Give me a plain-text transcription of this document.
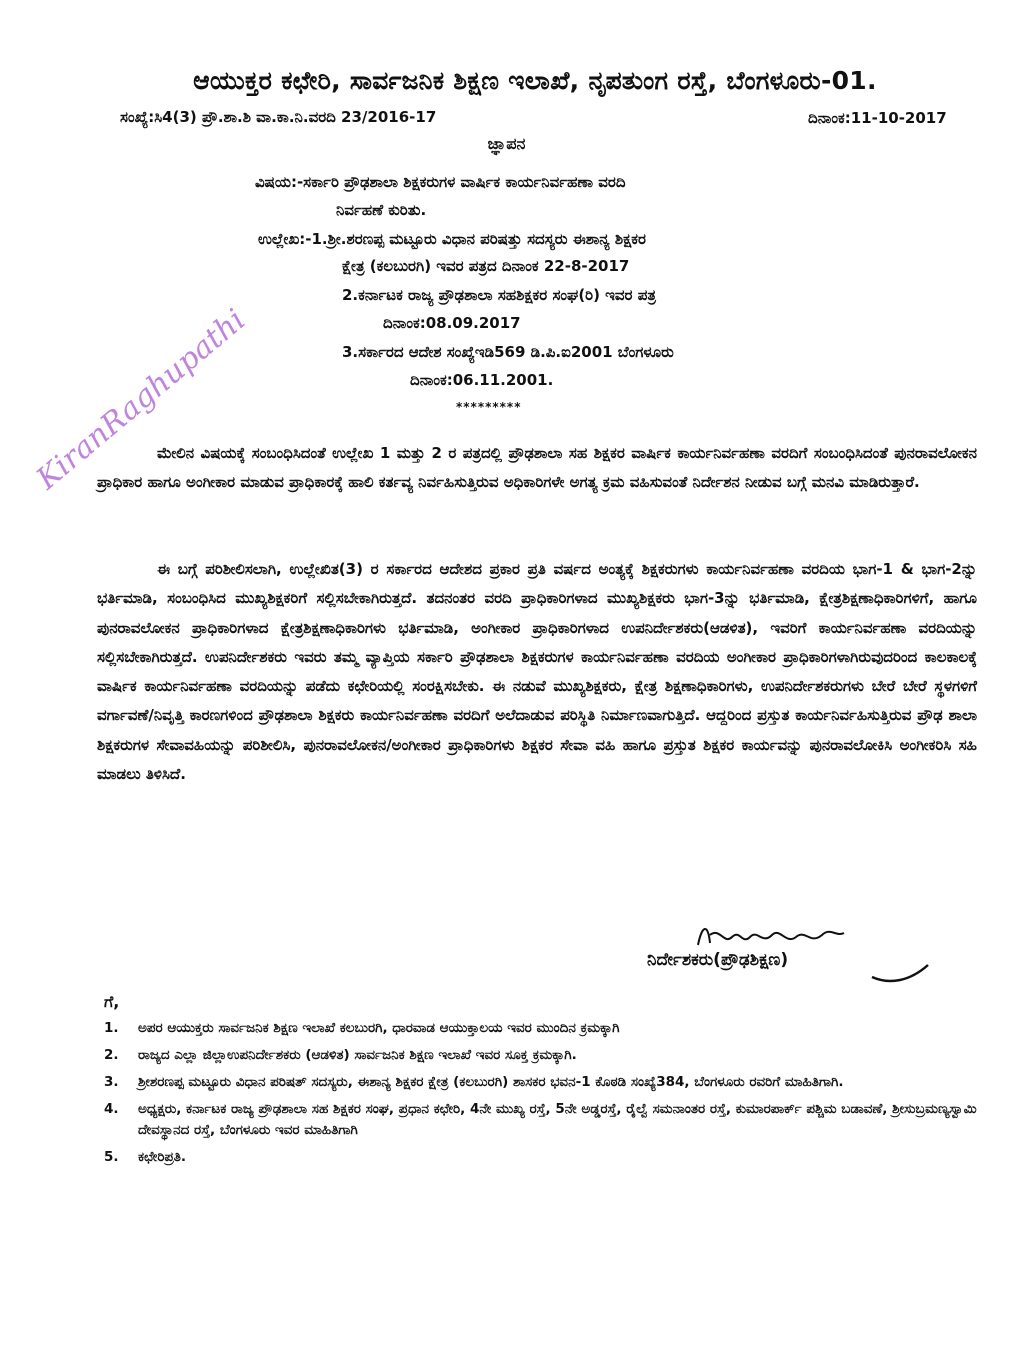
ಆಯುಕ್ತರ ಕಛೇರಿ, ಸಾರ್ವಜನಿಕ ಶಿಕ್ಷಣ ಇಲಾಖೆ, ನೃಪತುಂಗ ರಸ್ತೆ, ಬೆಂಗಳೂರು-01.
ಸಂಖ್ಯೆ:ಸಿ4(3) ಪ್ರೌ.ಶಾ.ಶಿ ವಾ.ಕಾ.ನಿ.ವರದಿ 23/2016-17	ದಿನಾಂಕ:11-10-2017
ಜ್ಞಾಪನ
ವಿಷಯ:-ಸರ್ಕಾರಿ ಪ್ರೌಢಶಾಲಾ ಶಿಕ್ಷಕರುಗಳ ವಾರ್ಷಿಕ ಕಾರ್ಯನಿರ್ವಹಣಾ ವರದಿ
ನಿರ್ವಹಣೆ ಕುರಿತು.
ಉಲ್ಲೇಖ:-1.ಶ್ರೀ.ಶರಣಪ್ಪ ಮಟ್ಟೂರು ವಿಧಾನ ಪರಿಷತ್ತು ಸದಸ್ಯರು ಈಶಾನ್ಯ ಶಿಕ್ಷಕರ
ಕ್ಷೇತ್ರ (ಕಲಬುರಗಿ) ಇವರ ಪತ್ರದ ದಿನಾಂಕ 22-8-2017
2.ಕರ್ನಾಟಕ ರಾಜ್ಯ ಪ್ರೌಢಶಾಲಾ ಸಹಶಿಕ್ಷಕರ ಸಂಘ(ರಿ) ಇವರ ಪತ್ರ
ದಿನಾಂಕ:08.09.2017
3.ಸರ್ಕಾರದ ಆದೇಶ ಸಂಖ್ಯೆಇಡಿ569 ಡಿ.ಪಿ.ಐ2001 ಬೆಂಗಳೂರು
ದಿನಾಂಕ:06.11.2001.
*********

ಮೇಲಿನ ವಿಷಯಕ್ಕೆ ಸಂಬಂಧಿಸಿದಂತೆ ಉಲ್ಲೇಖ 1 ಮತ್ತು 2 ರ ಪತ್ರದಲ್ಲಿ ಪ್ರೌಢಶಾಲಾ ಸಹ ಶಿಕ್ಷಕರ ವಾರ್ಷಿಕ ಕಾರ್ಯನಿರ್ವಹಣಾ ವರದಿಗೆ ಸಂಬಂಧಿಸಿದಂತೆ ಪುನರಾವಲೋಕನ ಪ್ರಾಧಿಕಾರ ಹಾಗೂ ಅಂಗೀಕಾರ ಮಾಡುವ ಪ್ರಾಧಿಕಾರಕ್ಕೆ ಹಾಲಿ ಕರ್ತವ್ಯ ನಿರ್ವಹಿಸುತ್ತಿರುವ ಅಧಿಕಾರಿಗಳೇ ಅಗತ್ಯ ಕ್ರಮ ವಹಿಸುವಂತೆ ನಿರ್ದೇಶನ ನೀಡುವ ಬಗ್ಗೆ ಮನವಿ ಮಾಡಿರುತ್ತಾರೆ.

ಈ ಬಗ್ಗೆ ಪರಿಶೀಲಿಸಲಾಗಿ, ಉಲ್ಲೇಖಿತ(3) ರ ಸರ್ಕಾರದ ಆದೇಶದ ಪ್ರಕಾರ ಪ್ರತಿ ವರ್ಷದ ಅಂತ್ಯಕ್ಕೆ ಶಿಕ್ಷಕರುಗಳು ಕಾರ್ಯನಿರ್ವಹಣಾ ವರದಿಯ ಭಾಗ-1 & ಭಾಗ-2ನ್ನು ಭರ್ತಿಮಾಡಿ, ಸಂಬಂಧಿಸಿದ ಮುಖ್ಯಶಿಕ್ಷಕರಿಗೆ ಸಲ್ಲಿಸಬೇಕಾಗಿರುತ್ತದೆ. ತದನಂತರ ವರದಿ ಪ್ರಾಧಿಕಾರಿಗಳಾದ ಮುಖ್ಯಶಿಕ್ಷಕರು ಭಾಗ-3ನ್ನು ಭರ್ತಿಮಾಡಿ, ಕ್ಷೇತ್ರಶಿಕ್ಷಣಾಧಿಕಾರಿಗಳಿಗೆ, ಹಾಗೂ ಪುನರಾವಲೋಕನ ಪ್ರಾಧಿಕಾರಿಗಳಾದ ಕ್ಷೇತ್ರಶಿಕ್ಷಣಾಧಿಕಾರಿಗಳು ಭರ್ತಿಮಾಡಿ, ಅಂಗೀಕಾರ ಪ್ರಾಧಿಕಾರಿಗಳಾದ ಉಪನಿರ್ದೇಶಕರು(ಆಡಳಿತ), ಇವರಿಗೆ ಕಾರ್ಯನಿರ್ವಹಣಾ ವರದಿಯನ್ನು ಸಲ್ಲಿಸಬೇಕಾಗಿರುತ್ತದೆ. ಉಪನಿರ್ದೇಶಕರು ಇವರು ತಮ್ಮ ವ್ಯಾಪ್ತಿಯ ಸರ್ಕಾರಿ ಪ್ರೌಢಶಾಲಾ ಶಿಕ್ಷಕರುಗಳ ಕಾರ್ಯನಿರ್ವಹಣಾ ವರದಿಯ ಅಂಗೀಕಾರ ಪ್ರಾಧಿಕಾರಿಗಳಾಗಿರುವುದರಿಂದ ಕಾಲಕಾಲಕ್ಕೆ ವಾರ್ಷಿಕ ಕಾರ್ಯನಿರ್ವಹಣಾ ವರದಿಯನ್ನು ಪಡೆದು ಕಛೇರಿಯಲ್ಲಿ ಸಂರಕ್ಷಿಸಬೇಕು. ಈ ನಡುವೆ ಮುಖ್ಯಶಿಕ್ಷಕರು, ಕ್ಷೇತ್ರ ಶಿಕ್ಷಣಾಧಿಕಾರಿಗಳು, ಉಪನಿರ್ದೇಶಕರುಗಳು ಬೇರೆ ಬೇರೆ ಸ್ಥಳಗಳಿಗೆ ವರ್ಗಾವಣೆ/ನಿವೃತ್ತಿ ಕಾರಣಗಳಿಂದ ಪ್ರೌಢಶಾಲಾ ಶಿಕ್ಷಕರು ಕಾರ್ಯನಿರ್ವಹಣಾ ವರದಿಗೆ ಅಲೆದಾಡುವ ಪರಿಸ್ಥಿತಿ ನಿರ್ಮಾಣವಾಗುತ್ತಿದೆ. ಆದ್ದರಿಂದ ಪ್ರಸ್ತುತ ಕಾರ್ಯನಿರ್ವಹಿಸುತ್ತಿರುವ ಪ್ರೌಢ ಶಾಲಾ ಶಿಕ್ಷಕರುಗಳ ಸೇವಾವಹಿಯನ್ನು ಪರಿಶೀಲಿಸಿ, ಪುನರಾವಲೋಕನ/ಅಂಗೀಕಾರ ಪ್ರಾಧಿಕಾರಿಗಳು ಶಿಕ್ಷಕರ ಸೇವಾ ವಹಿ ಹಾಗೂ ಪ್ರಸ್ತುತ ಶಿಕ್ಷಕರ ಕಾರ್ಯವನ್ನು ಪುನರಾವಲೋಕಿಸಿ ಅಂಗೀಕರಿಸಿ ಸಹಿ ಮಾಡಲು ತಿಳಿಸಿದೆ.

KiranRaghupathi
ನಿರ್ದೇಶಕರು(ಪ್ರೌಢಶಿಕ್ಷಣ)
ಗೆ,
1. ಅಪರ ಆಯುಕ್ತರು ಸಾರ್ವಜನಿಕ ಶಿಕ್ಷಣ ಇಲಾಖೆ ಕಲಬುರಗಿ, ಧಾರವಾಡ ಆಯುಕ್ತಾಲಯ ಇವರ ಮುಂದಿನ ಕ್ರಮಕ್ಕಾಗಿ
2. ರಾಜ್ಯದ ಎಲ್ಲಾ ಜಿಲ್ಲಾಉಪನಿರ್ದೇಶಕರು (ಆಡಳಿತ) ಸಾರ್ವಜನಿಕ ಶಿಕ್ಷಣ ಇಲಾಖೆ ಇವರ ಸೂಕ್ತ ಕ್ರಮಕ್ಕಾಗಿ.
3. ಶ್ರೀಶರಣಪ್ಪ ಮಟ್ಟೂರು ವಿಧಾನ ಪರಿಷತ್ ಸದಸ್ಯರು, ಈಶಾನ್ಯ ಶಿಕ್ಷಕರ ಕ್ಷೇತ್ರ (ಕಲಬುರಗಿ) ಶಾಸಕರ ಭವನ-1 ಕೊಠಡಿ ಸಂಖ್ಯೆ384, ಬೆಂಗಳೂರು ರವರಿಗೆ ಮಾಹಿತಿಗಾಗಿ.
4. ಅಧ್ಯಕ್ಷರು, ಕರ್ನಾಟಕ ರಾಜ್ಯ ಪ್ರೌಢಶಾಲಾ ಸಹ ಶಿಕ್ಷಕರ ಸಂಘ, ಪ್ರಧಾನ ಕಛೇರಿ, 4ನೇ ಮುಖ್ಯ ರಸ್ತೆ, 5ನೇ ಅಡ್ಡರಸ್ತೆ, ರೈಲ್ವೆ ಸಮನಾಂತರ ರಸ್ತೆ, ಕುಮಾರಪಾರ್ಕ್ ಪಶ್ಚಿಮ ಬಡಾವಣೆ, ಶ್ರೀಸುಬ್ರಮಣ್ಯಸ್ವಾಮಿ ದೇವಸ್ಥಾನದ ರಸ್ತೆ, ಬೆಂಗಳೂರು ಇವರ ಮಾಹಿತಿಗಾಗಿ
5. ಕಛೇರಿಪ್ರತಿ.
